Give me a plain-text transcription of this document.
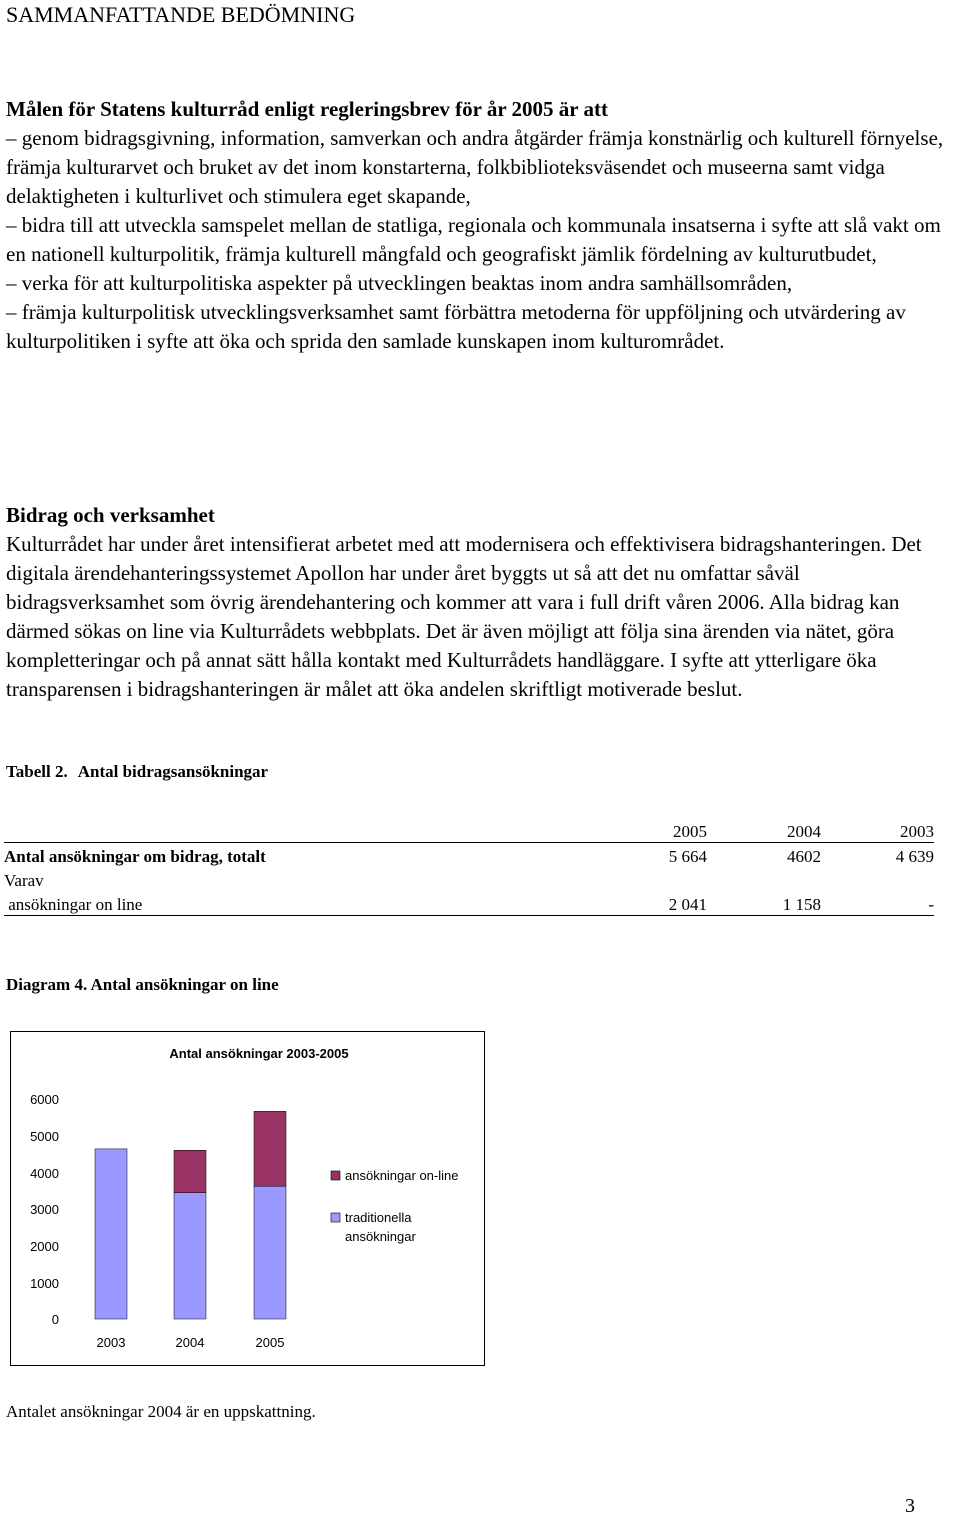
SAMMANFATTANDE BEDÖMNING

Målen för Statens kulturråd enligt regleringsbrev för år 2005 är att

– genom bidragsgivning, information, samverkan och andra åtgärder främja konstnärlig och kulturell förnyelse, främja kulturarvet och bruket av det inom konstarterna, folkbiblioteksväsendet och museerna samt vidga delaktigheten i kulturlivet och stimulera eget skapande,

– bidra till att utveckla samspelet mellan de statliga, regionala och kommunala insatserna i syfte att slå vakt om en nationell kulturpolitik, främja kulturell mångfald och geografiskt jämlik fördelning av kulturutbudet,

– verka för att kulturpolitiska aspekter på utvecklingen beaktas inom andra samhällsområden,

– främja kulturpolitisk utvecklingsverksamhet samt förbättra metoderna för uppföljning och utvärdering av kulturpolitiken i syfte att öka och sprida den samlade kunskapen inom kulturområdet.

Bidrag och verksamhet

Kulturrådet har under året intensifierat arbetet med att modernisera och effektivisera bidragshanteringen. Det digitala ärendehanteringssystemet Apollon har under året byggts ut så att det nu omfattar såväl bidragsverksamhet som övrig ärendehantering och kommer att vara i full drift våren 2006. Alla bidrag kan därmed sökas on line via Kulturrådets webbplats. Det är även möjligt att följa sina ärenden via nätet, göra kompletteringar och på annat sätt hålla kontakt med Kulturrådets handläggare. I syfte att ytterligare öka transparensen i bidragshanteringen är målet att öka andelen skriftligt motiverade beslut.

Tabell 2. Antal bidragsansökningar
	2005	2004	2003
Antal ansökningar om bidrag, totalt	5 664	4602	4 639
Varav			
ansökningar on line	2 041	1 158	-
Diagram 4. Antal ansökningar on line
Antal ansökningar 2003-2005
6000
5000
4000
3000
2000
1000
0
2003	2004	2005
ansökningar on-line
traditionella
ansökningar
Antalet ansökningar 2004 är en uppskattning.
3
